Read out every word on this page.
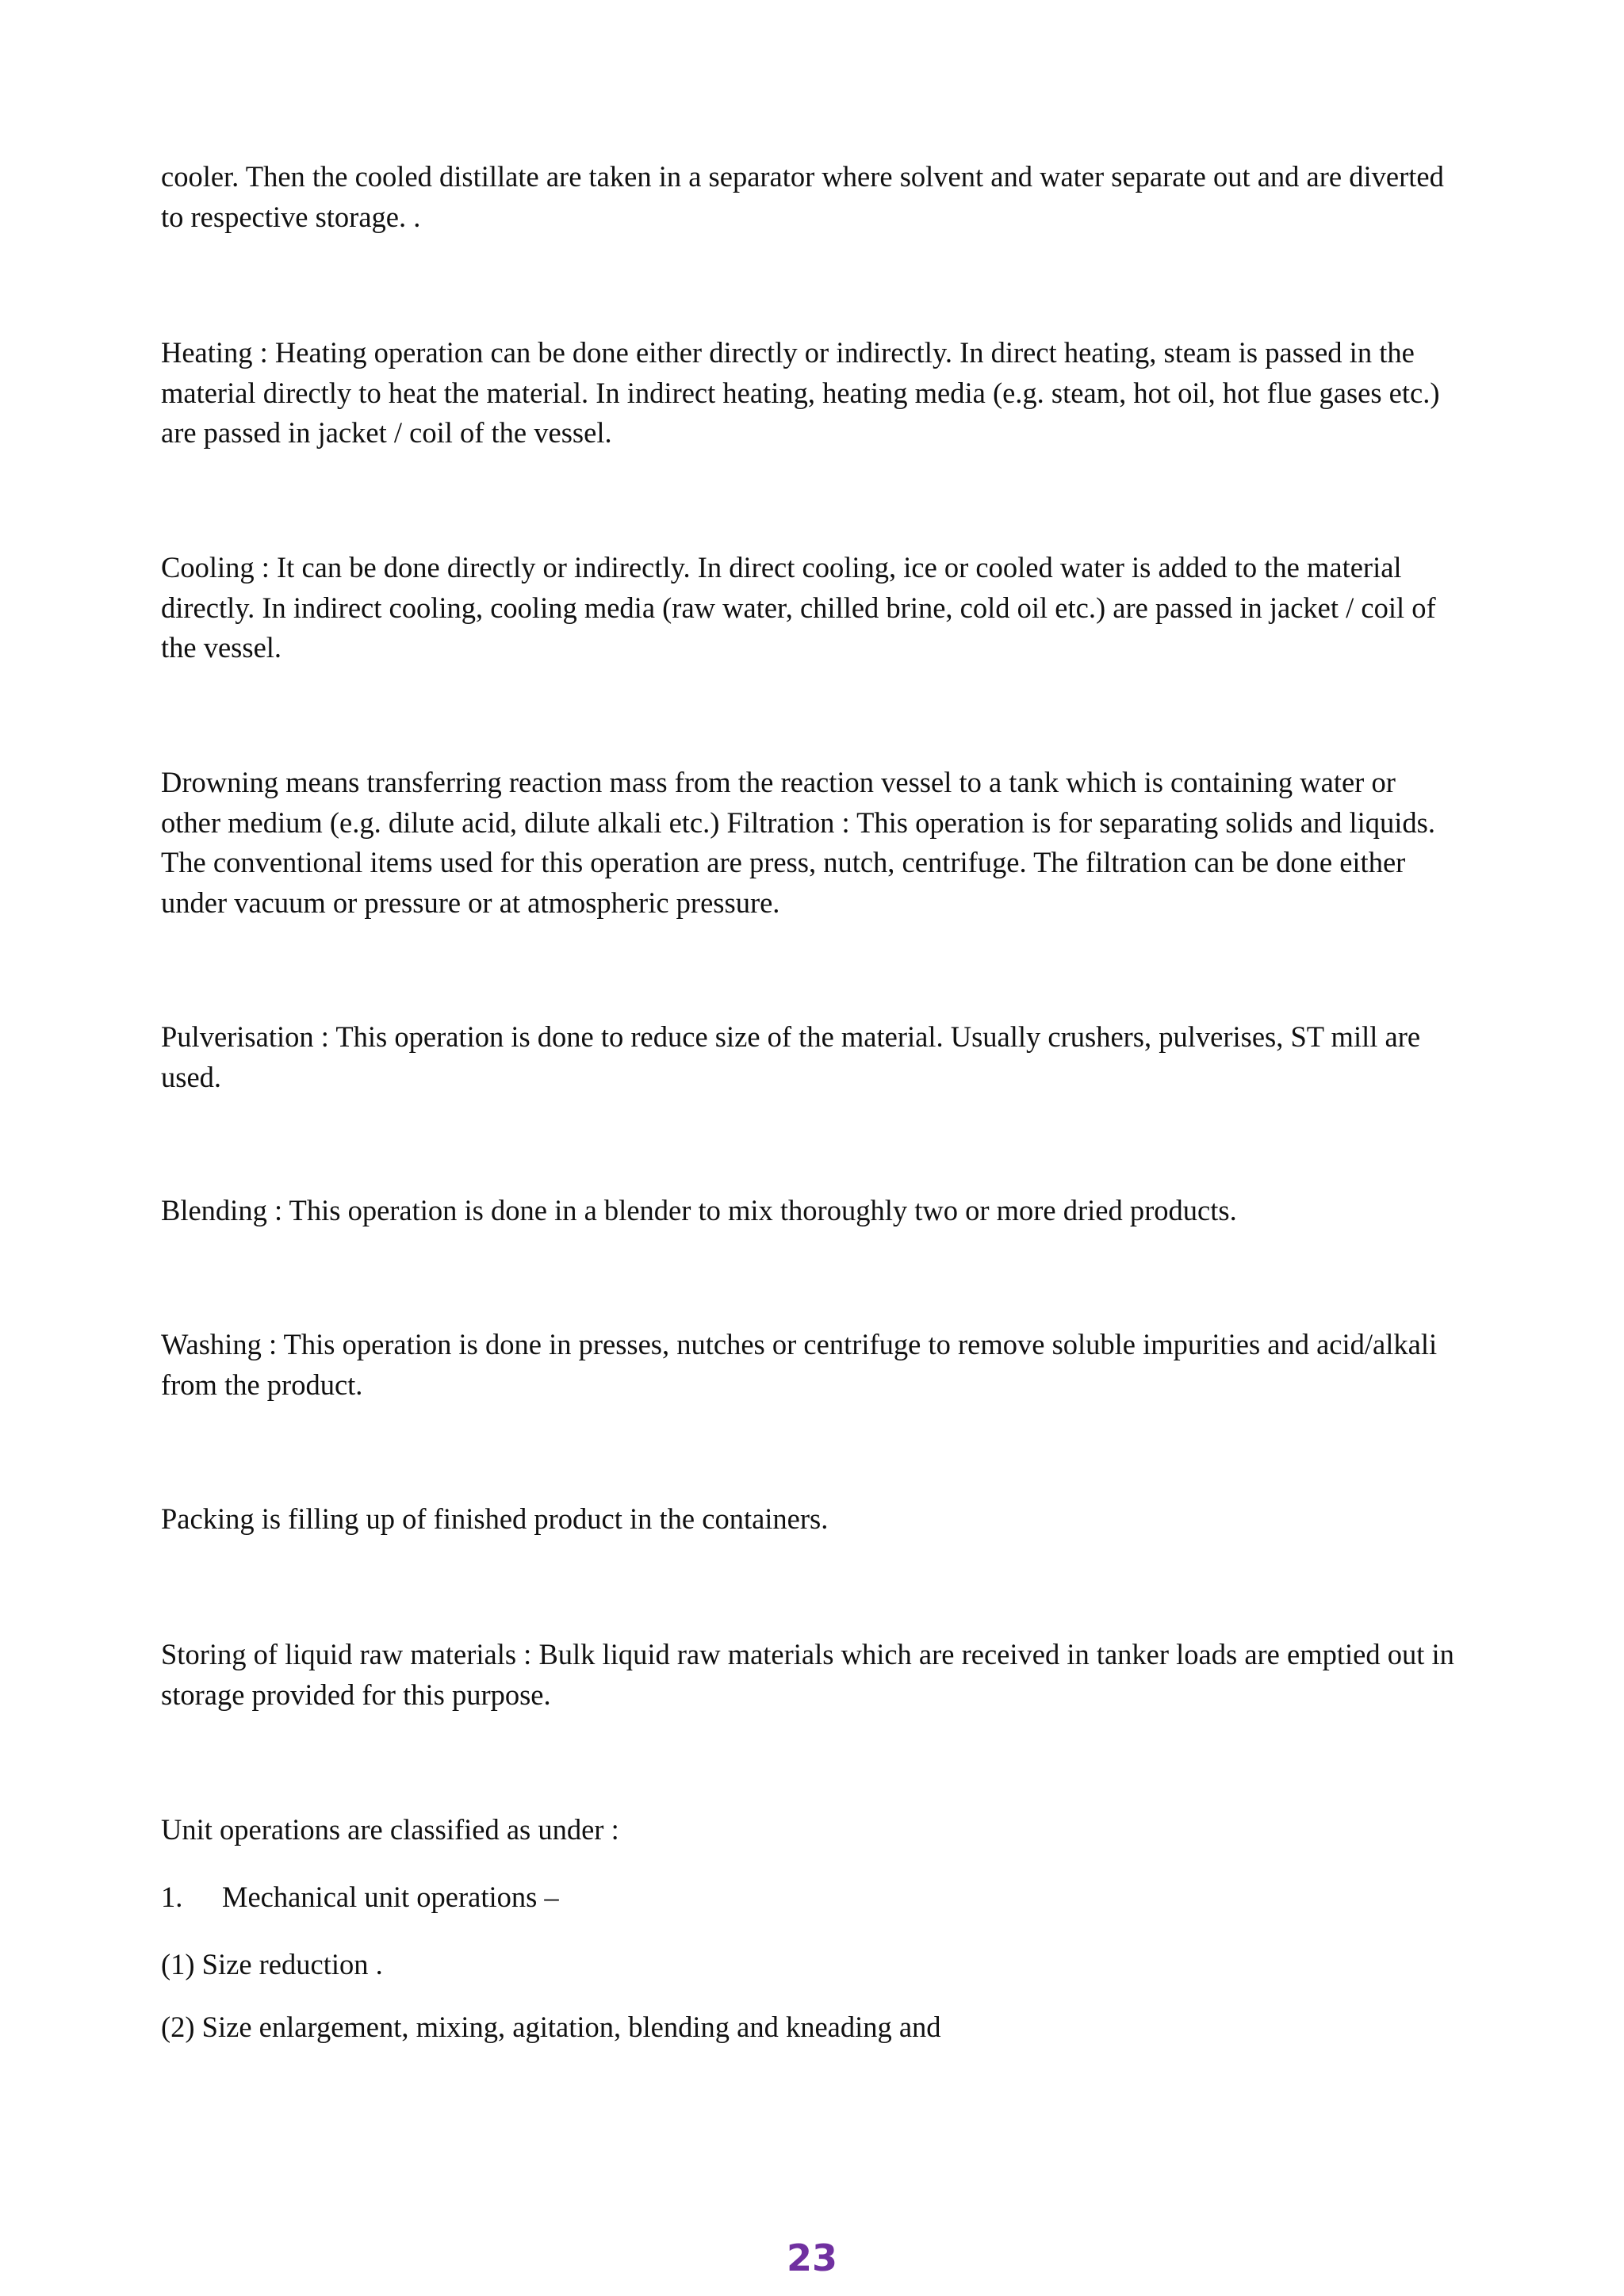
cooler. Then the cooled distillate are taken in a separator where solvent and water separate out and are diverted to respective storage. .

Heating : Heating operation can be done either directly or indirectly. In direct heating, steam is passed in the material directly to heat the material. In indirect heating, heating media (e.g. steam, hot oil, hot flue gases etc.) are passed in jacket / coil of the vessel.

Cooling : It can be done directly or indirectly. In direct cooling, ice or cooled water is added to the material directly. In indirect cooling, cooling media (raw water, chilled brine, cold oil etc.) are passed in jacket / coil of the vessel.

Drowning means transferring reaction mass from the reaction vessel to a tank which is containing water or other medium (e.g. dilute acid, dilute alkali etc.) Filtration : This operation is for separating solids and liquids. The conventional items used for this operation are press, nutch, centrifuge. The filtration can be done either under vacuum or pressure or at atmospheric pressure.

Pulverisation : This operation is done to reduce size of the material. Usually crushers, pulverises, ST mill are used.

Blending : This operation is done in a blender to mix thoroughly two or more dried products.

Washing : This operation is done in presses, nutches or centrifuge to remove soluble impurities and acid/alkali from the product.

Packing is filling up of finished product in the containers.

Storing of liquid raw materials : Bulk liquid raw materials which are received in tanker loads are emptied out in storage provided for this purpose.

Unit operations are classified as under :

1. Mechanical unit operations –
(1) Size reduction .
(2) Size enlargement, mixing, agitation, blending and kneading and
23
